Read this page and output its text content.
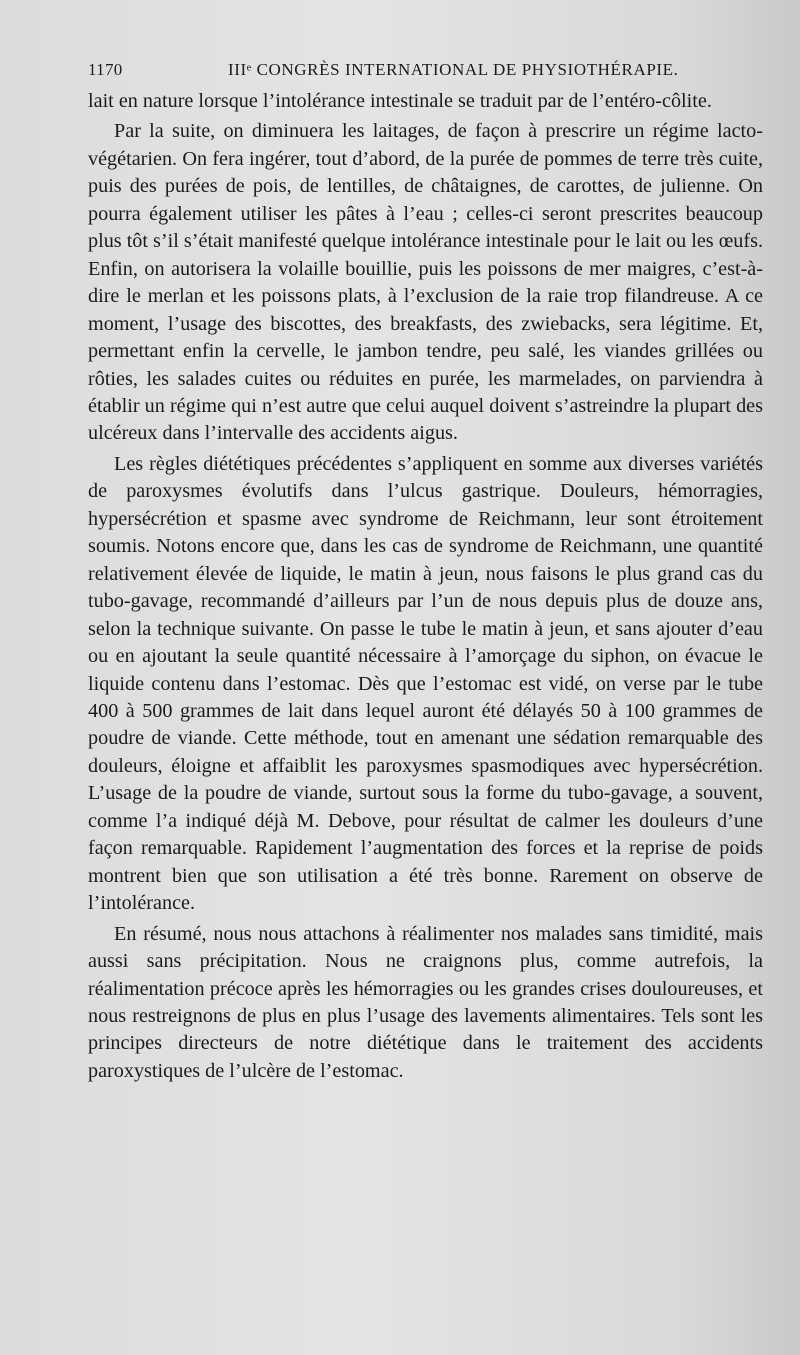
1170	IIIᵉ CONGRÈS INTERNATIONAL DE PHYSIOTHÉRAPIE.

lait en nature lorsque l’intolérance intestinale se traduit par de l’entéro-côlite.

Par la suite, on diminuera les laitages, de façon à prescrire un régime lacto-végétarien. On fera ingérer, tout d’abord, de la purée de pommes de terre très cuite, puis des purées de pois, de lentilles, de châtaignes, de carottes, de julienne. On pourra également utiliser les pâtes à l’eau ; celles-ci seront prescrites beaucoup plus tôt s’il s’était manifesté quelque intolérance intestinale pour le lait ou les œufs. Enfin, on autorisera la volaille bouillie, puis les poissons de mer maigres, c’est-à-dire le merlan et les poissons plats, à l’exclusion de la raie trop filandreuse. A ce moment, l’usage des biscottes, des breakfasts, des zwiebacks, sera légitime. Et, permettant enfin la cervelle, le jambon tendre, peu salé, les viandes grillées ou rôties, les salades cuites ou réduites en purée, les marmelades, on parviendra à établir un régime qui n’est autre que celui auquel doivent s’astreindre la plupart des ulcéreux dans l’intervalle des accidents aigus.

Les règles diététiques précédentes s’appliquent en somme aux diverses variétés de paroxysmes évolutifs dans l’ulcus gastrique. Douleurs, hémorragies, hypersécrétion et spasme avec syndrome de Reichmann, leur sont étroitement soumis. Notons encore que, dans les cas de syndrome de Reichmann, une quantité relativement élevée de liquide, le matin à jeun, nous faisons le plus grand cas du tubo-gavage, recommandé d’ailleurs par l’un de nous depuis plus de douze ans, selon la technique suivante. On passe le tube le matin à jeun, et sans ajouter d’eau ou en ajoutant la seule quantité nécessaire à l’amorçage du siphon, on évacue le liquide contenu dans l’estomac. Dès que l’estomac est vidé, on verse par le tube 400 à 500 grammes de lait dans lequel auront été délayés 50 à 100 grammes de poudre de viande. Cette méthode, tout en amenant une sédation remarquable des douleurs, éloigne et affaiblit les paroxysmes spasmodiques avec hypersécrétion. L’usage de la poudre de viande, surtout sous la forme du tubo-gavage, a souvent, comme l’a indiqué déjà M. Debove, pour résultat de calmer les douleurs d’une façon remarquable. Rapidement l’augmentation des forces et la reprise de poids montrent bien que son utilisation a été très bonne. Rarement on observe de l’intolérance.

En résumé, nous nous attachons à réalimenter nos malades sans timidité, mais aussi sans précipitation. Nous ne craignons plus, comme autrefois, la réalimentation précoce après les hémorragies ou les grandes crises douloureuses, et nous restreignons de plus en plus l’usage des lavements alimentaires. Tels sont les principes directeurs de notre diététique dans le traitement des accidents paroxystiques de l’ulcère de l’estomac.
